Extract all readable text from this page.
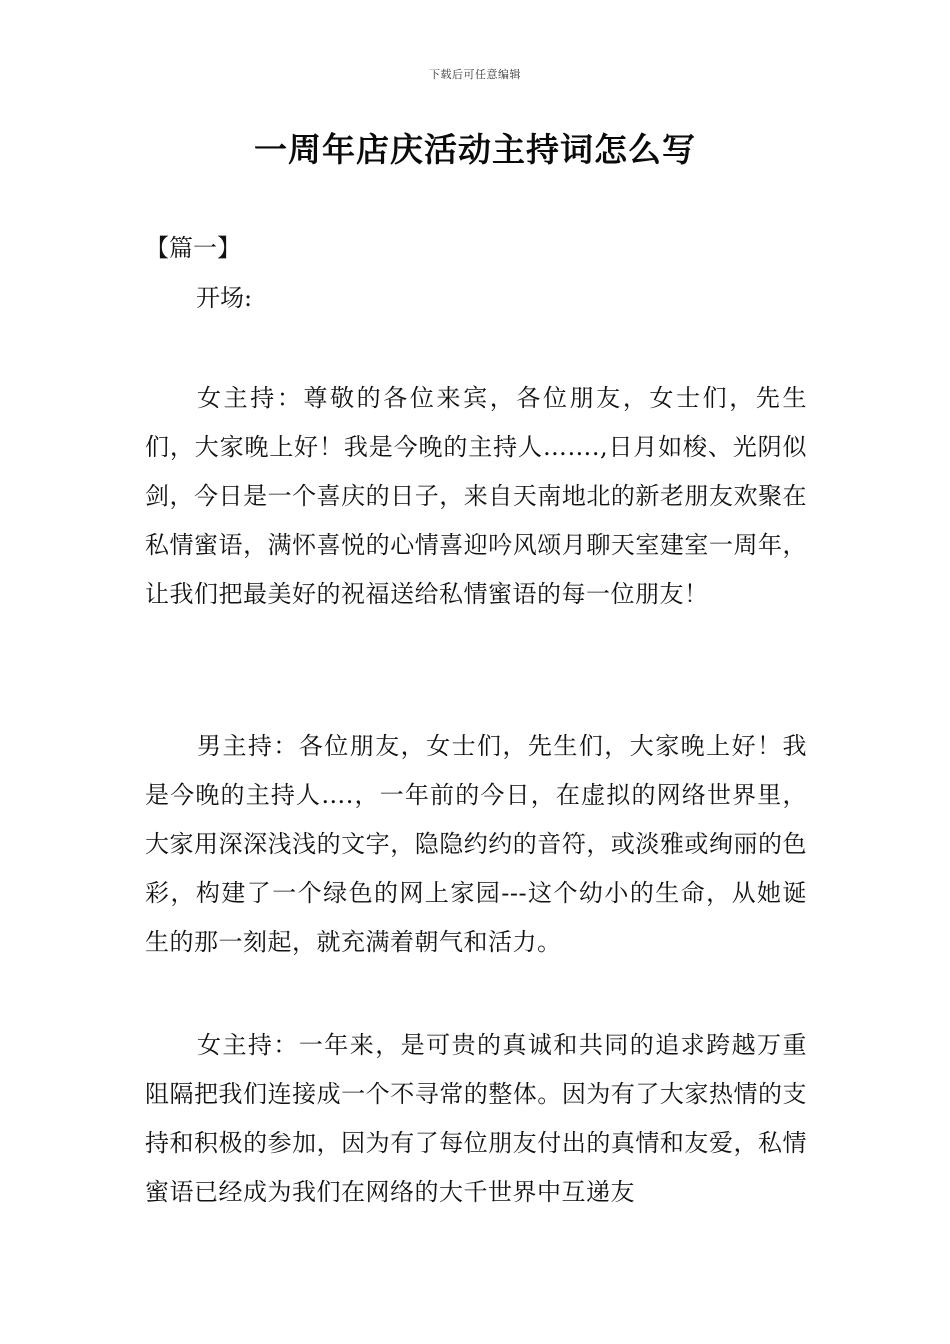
下载后可任意编辑
一周年店庆活动主持词怎么写
【篇一】
开场:

女主持：尊敬的各位来宾，各位朋友，女士们，先生们，大家晚上好！我是今晚的主持人…….,日月如梭、光阴似剑，今日是一个喜庆的日子，来自天南地北的新老朋友欢聚在私情蜜语，满怀喜悦的心情喜迎吟风颂月聊天室建室一周年，让我们把最美好的祝福送给私情蜜语的每一位朋友！

男主持：各位朋友，女士们，先生们，大家晚上好！我是今晚的主持人….，一年前的今日，在虚拟的网络世界里，大家用深深浅浅的文字，隐隐约约的音符，或淡雅或绚丽的色彩，构建了一个绿色的网上家园---这个幼小的生命，从她诞生的那一刻起，就充满着朝气和活力。

女主持：一年来，是可贵的真诚和共同的追求跨越万重阻隔把我们连接成一个不寻常的整体。因为有了大家热情的支持和积极的参加，因为有了每位朋友付出的真情和友爱，私情蜜语已经成为我们在网络的大千世界中互递友
